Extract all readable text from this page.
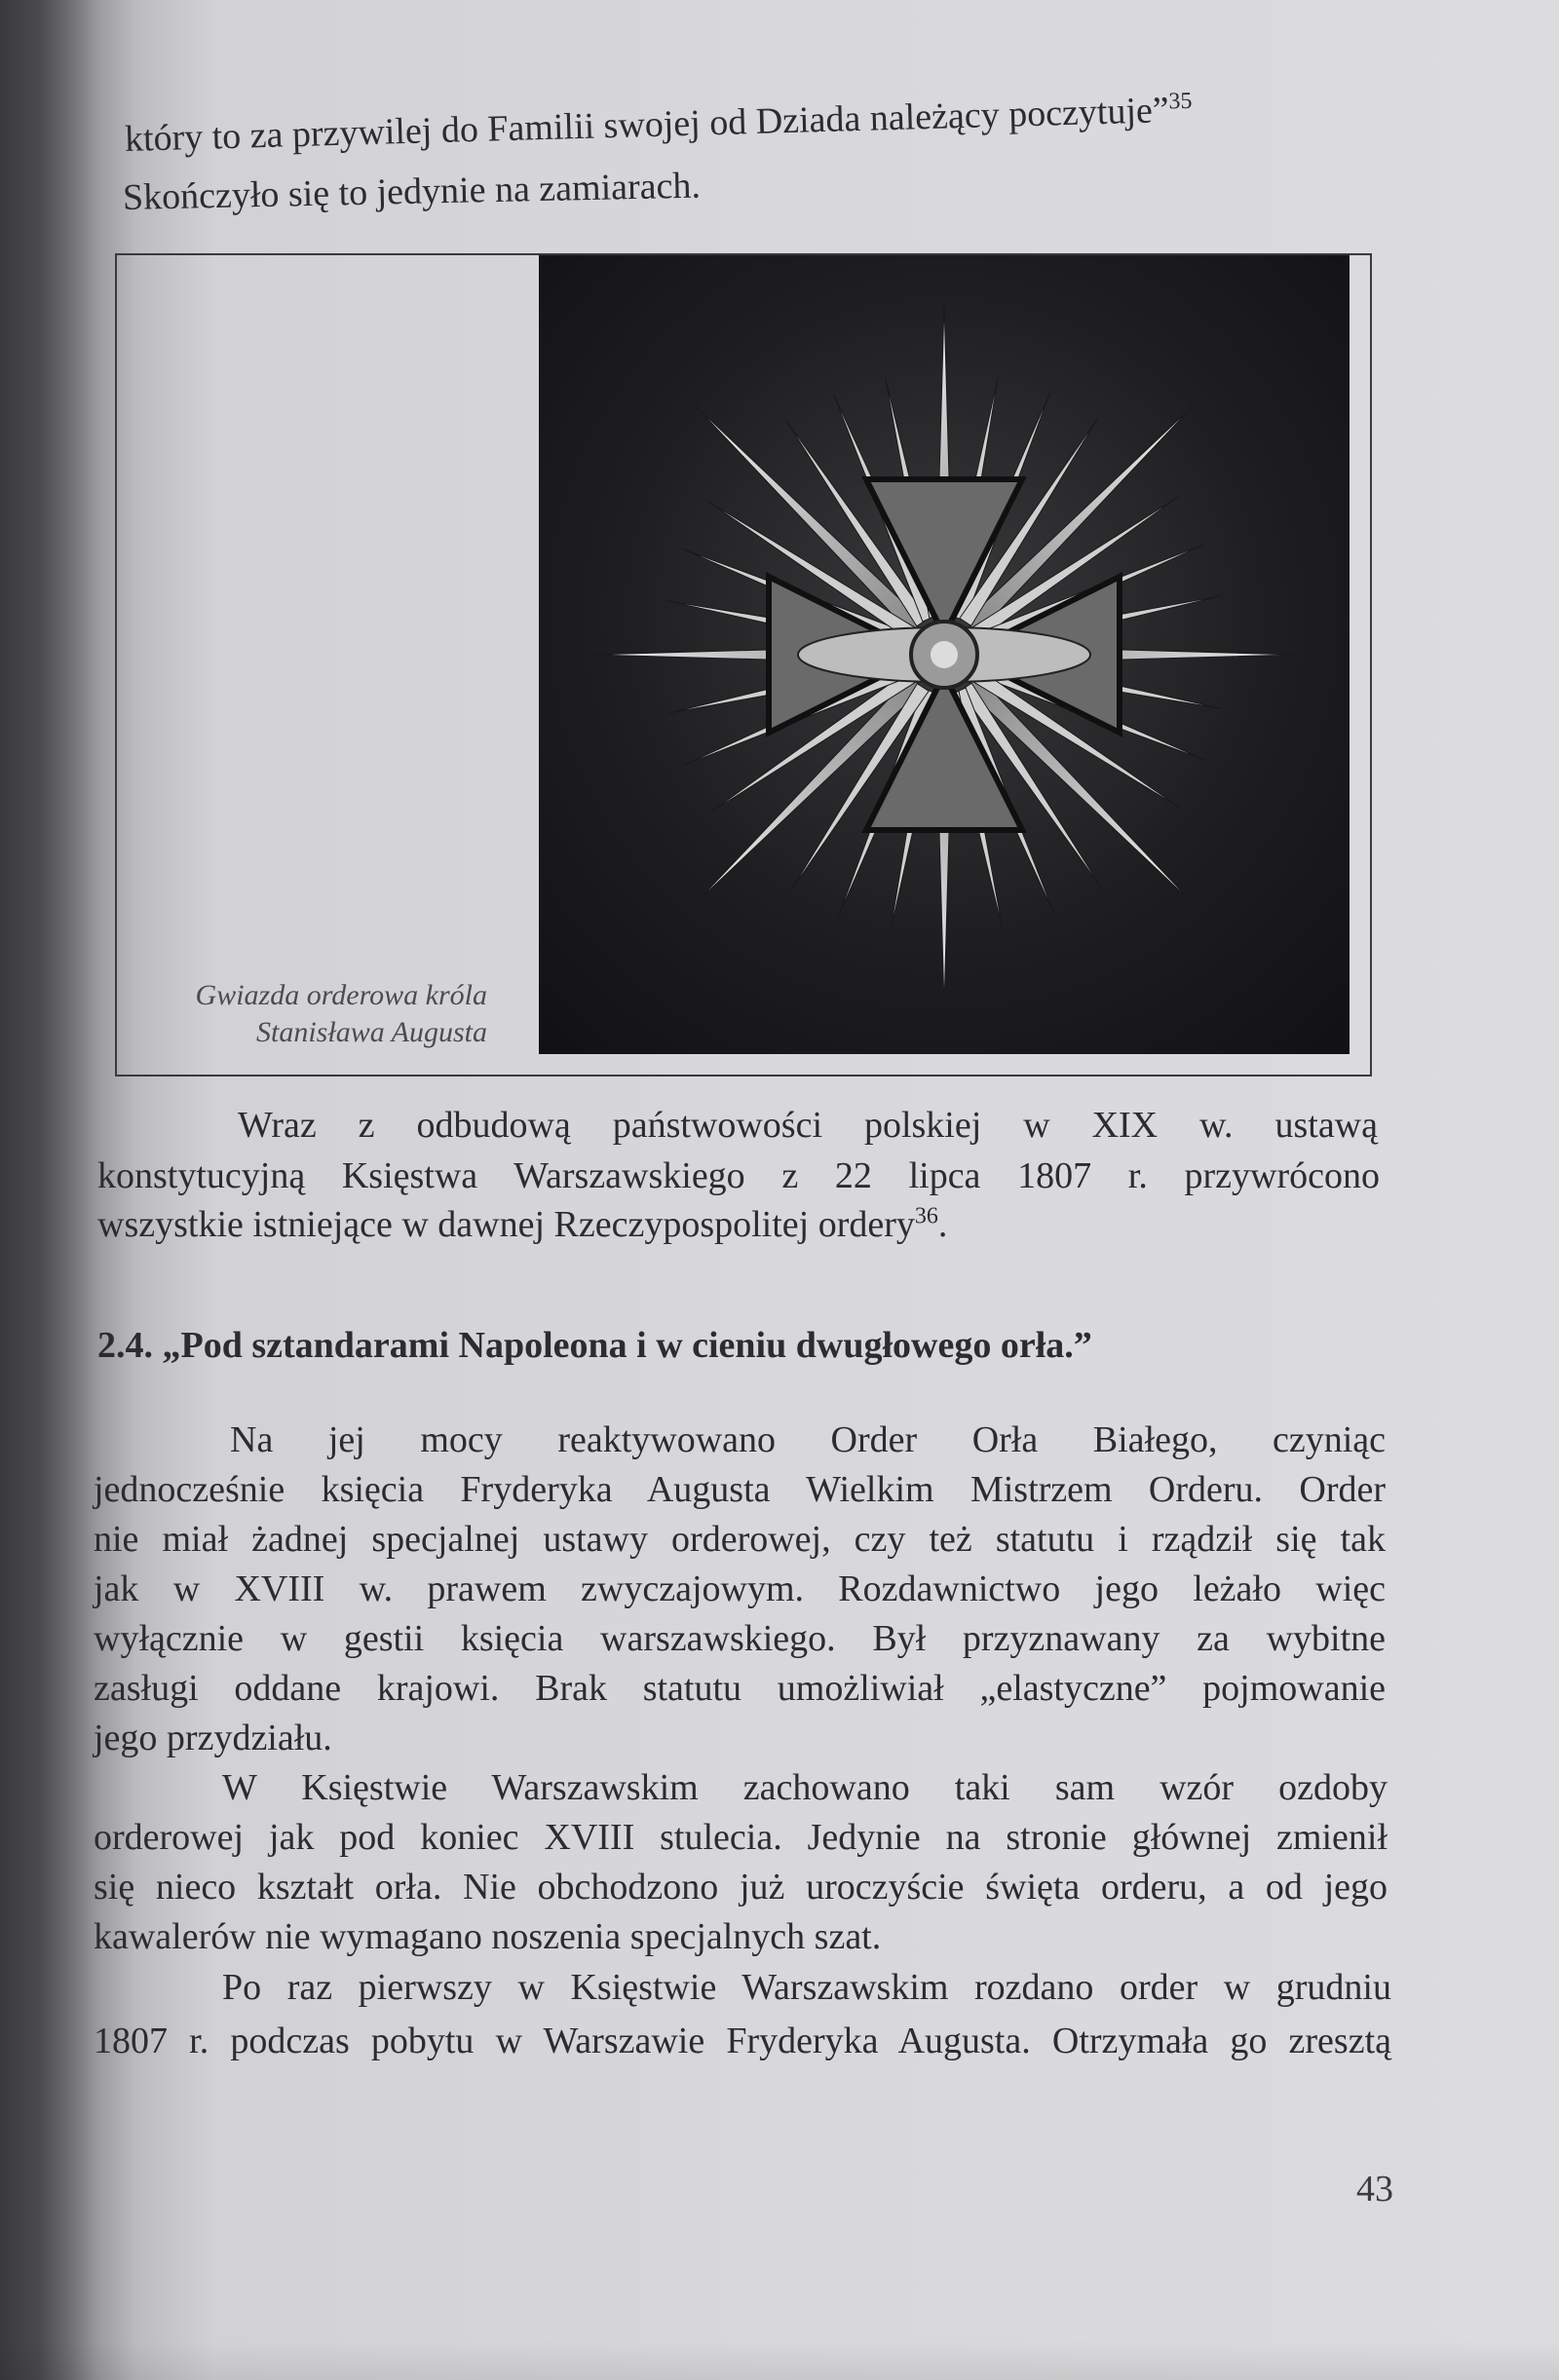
który to za przywilej do Familii swojej od Dziada należący poczytuje”$^{35}$
Skończyło się to jedynie na zamiarach.
Gwiazda orderowa króla
Stanisława Augusta
Wraz z odbudową państwowości polskiej w XIX w. ustawą
konstytucyjną Księstwa Warszawskiego z 22 lipca 1807 r. przywrócono
wszystkie istniejące w dawnej Rzeczypospolitej ordery$^{36}$.
2.4. „Pod sztandarami Napoleona i w cieniu dwugłowego orła.”
Na jej mocy reaktywowano Order Orła Białego, czyniąc
jednocześnie księcia Fryderyka Augusta Wielkim Mistrzem Orderu. Order
nie miał żadnej specjalnej ustawy orderowej, czy też statutu i rządził się tak
jak w XVIII w. prawem zwyczajowym. Rozdawnictwo jego leżało więc
wyłącznie w gestii księcia warszawskiego. Był przyznawany za wybitne
zasługi oddane krajowi. Brak statutu umożliwiał „elastyczne” pojmowanie
jego przydziału.
W Księstwie Warszawskim zachowano taki sam wzór ozdoby
orderowej jak pod koniec XVIII stulecia. Jedynie na stronie głównej zmienił
się nieco kształt orła. Nie obchodzono już uroczyście święta orderu, a od jego
kawalerów nie wymagano noszenia specjalnych szat.
Po raz pierwszy w Księstwie Warszawskim rozdano order w grudniu
1807 r. podczas pobytu w Warszawie Fryderyka Augusta. Otrzymała go zresztą
43
